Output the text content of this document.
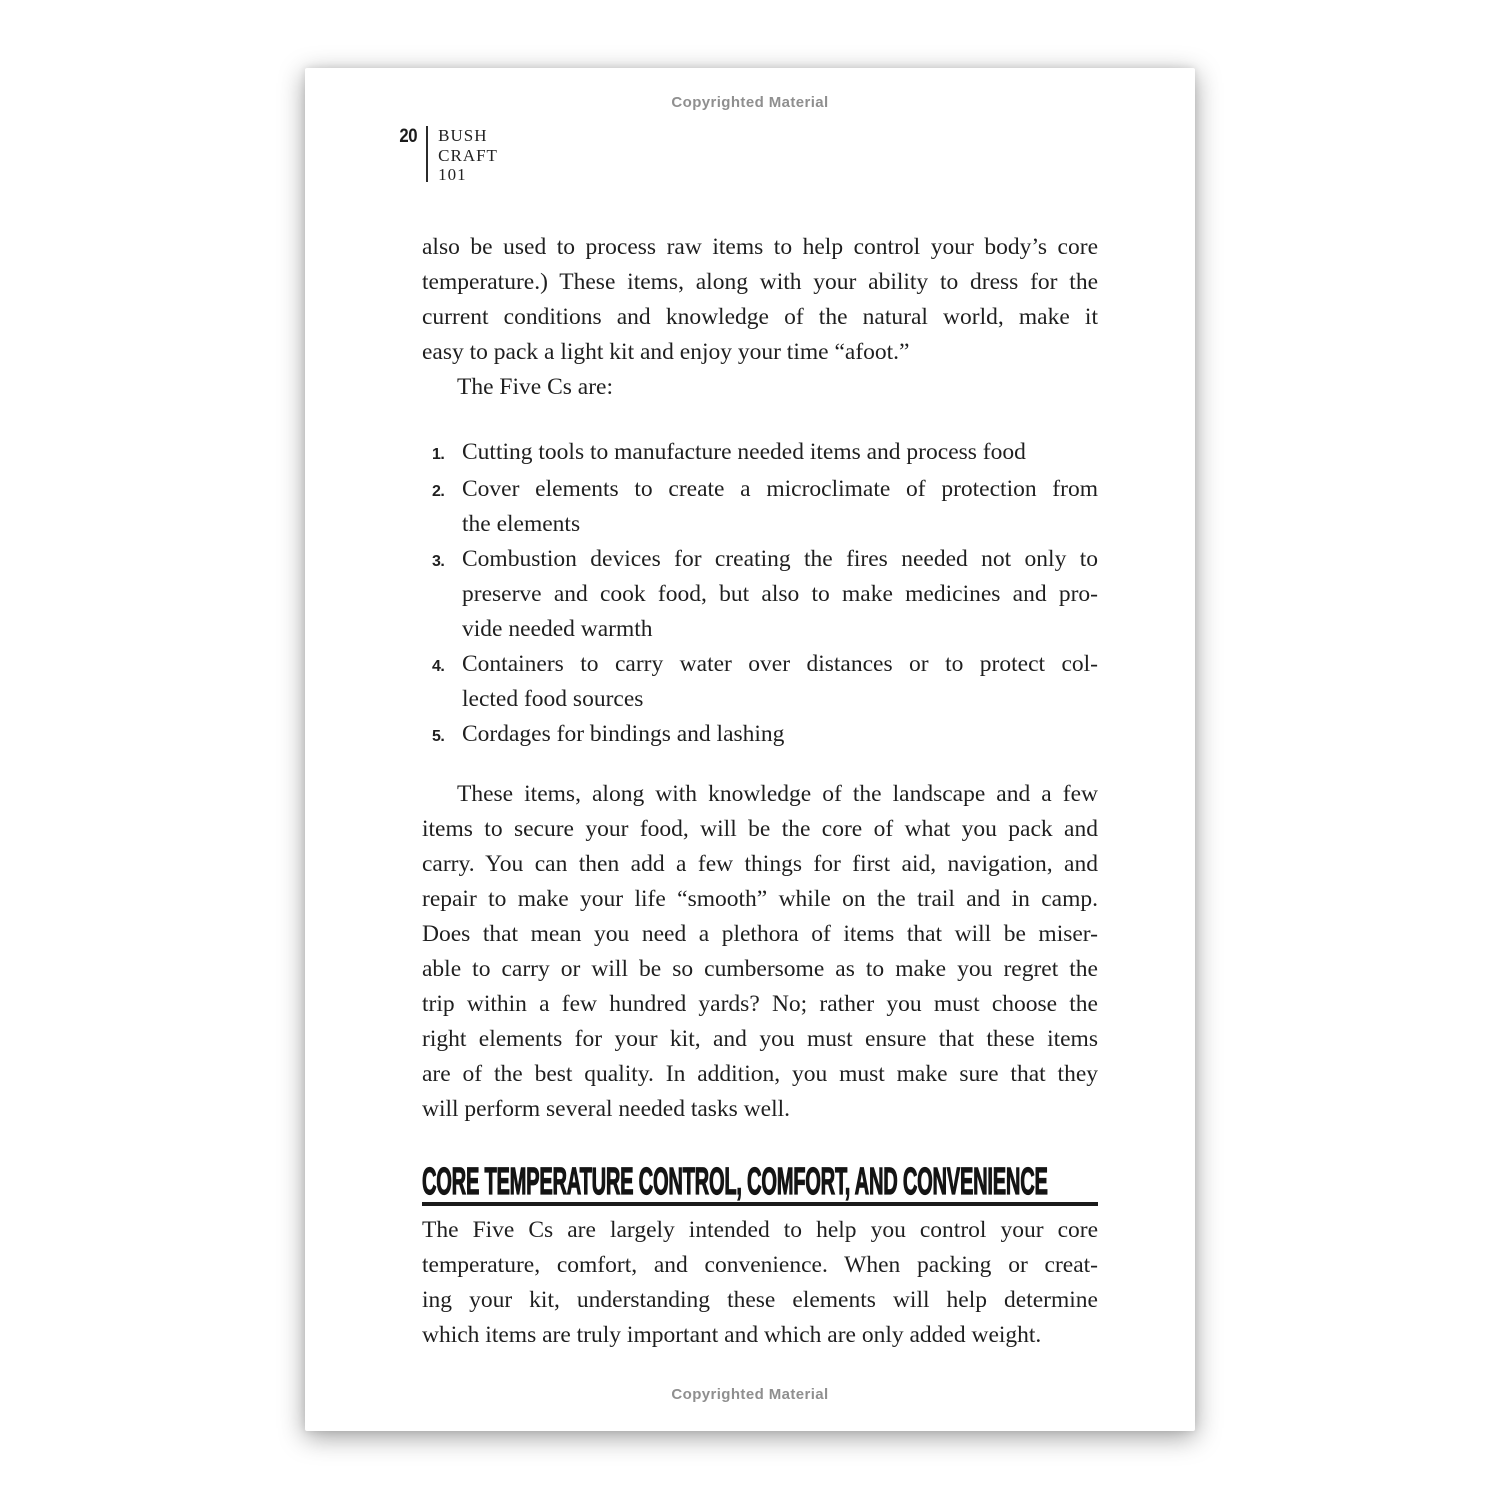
Copyrighted Material
20 BUSH
CRAFT
101
also be used to process raw items to help control your body’s core
temperature.) These items, along with your ability to dress for the
current conditions and knowledge of the natural world, make it
easy to pack a light kit and enjoy your time “afoot.”
The Five Cs are:
1. Cutting tools to manufacture needed items and process food
2. Cover elements to create a microclimate of protection from
the elements
3. Combustion devices for creating the fires needed not only to
preserve and cook food, but also to make medicines and pro-
vide needed warmth
4. Containers to carry water over distances or to protect col-
lected food sources
5. Cordages for bindings and lashing
These items, along with knowledge of the landscape and a few
items to secure your food, will be the core of what you pack and
carry. You can then add a few things for first aid, navigation, and
repair to make your life “smooth” while on the trail and in camp.
Does that mean you need a plethora of items that will be miser-
able to carry or will be so cumbersome as to make you regret the
trip within a few hundred yards? No; rather you must choose the
right elements for your kit, and you must ensure that these items
are of the best quality. In addition, you must make sure that they
will perform several needed tasks well.
CORE TEMPERATURE CONTROL, COMFORT, AND CONVENIENCE
The Five Cs are largely intended to help you control your core
temperature, comfort, and convenience. When packing or creat-
ing your kit, understanding these elements will help determine
which items are truly important and which are only added weight.
Copyrighted Material
